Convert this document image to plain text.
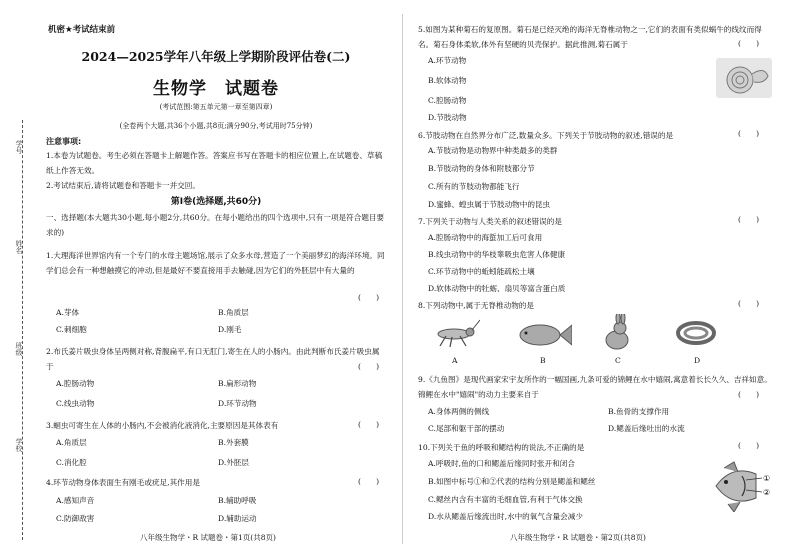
学号
姓名
班级
学校
机密★考试结束前
2024—2025学年八年级上学期阶段评估卷(二)
生物学　试题卷
(考试范围:第五单元第一章至第四章)
(全卷两个大题,共36个小题,共8页;满分90分,考试用时75分钟)
注意事项:
1.本卷为试题卷。考生必须在答题卡上解题作答。答案应书写在答题卡的相应位置上,在试题卷、草稿纸上作答无效。
2.考试结束后,请将试题卷和答题卡一并交回。
第Ⅰ卷(选择题,共60分)
一、选择题(本大题共30小题,每小题2分,共60分。在每小题给出的四个选项中,只有一项是符合题目要求的)
1.大理海洋世界馆内有一个专门的水母主题场馆,展示了众多水母,营造了一个美丽梦幻的海洋环境。同学们总会有一种想触摸它的冲动,但是最好不要直接用手去触碰,因为它们的外胚层中有大量的
(　　)
A.芽体	B.角质层
C.刺细胞	D.刚毛
2.布氏姜片吸虫身体呈两侧对称,背腹扁平,有口无肛门,寄生在人的小肠内。由此判断布氏姜片吸虫属于	(　　)
A.腔肠动物	B.扁形动物
C.线虫动物	D.环节动物
3.蛔虫可寄生在人体的小肠内,不会被消化液消化,主要原因是其体表有	(　　)
A.角质层	B.外套膜
C.消化腔	D.外胚层
4.环节动物身体表面生有刚毛或疣足,其作用是	(　　)
A.感知声音	B.辅助呼吸
C.防御敌害	D.辅助运动
八年级生物学・R 试题卷・第1页(共8页)
5.如图为某种菊石的复原图。菊石是已经灭绝的海洋无脊椎动物之一,它们的表面有类似蜗牛的线纹而得名。菊石身体柔软,体外有坚硬的贝壳保护。据此推测,菊石属于	(　　)
A.环节动物
B.软体动物
C.腔肠动物
D.节肢动物
6.节肢动物在自然界分布广泛,数量众多。下列关于节肢动物的叙述,错误的是	(　　)
A.节肢动物是动物界中种类最多的类群
B.节肢动物的身体和附肢都分节
C.所有的节肢动物都能飞行
D.蜜蜂、蝗虫属于节肢动物中的昆虫
7.下列关于动物与人类关系的叙述错误的是	(　　)
A.腔肠动物中的海蜇加工后可食用
B.线虫动物中的华枝睾吸虫危害人体健康
C.环节动物中的蚯蚓能疏松土壤
D.软体动物中的牡蛎、扇贝等富含蛋白质
8.下列动物中,属于无脊椎动物的是	(　　)
A	B	C	D
9.《九鱼图》是现代画家宋宇友所作的一幅国画,九条可爱的锦鲤在水中嬉闹,寓意着长长久久、吉祥如意。锦鲤在水中"嬉闹"的动力主要来自于	(　　)
A.身体两侧的侧线	B.鱼骨的支撑作用
C.尾部和躯干部的摆动	D.鳃盖后缘吐出的水流
10.下列关于鱼的呼吸和鳃结构的说法,不正确的是	(　　)
A.呼吸时,鱼的口和鳃盖后缘同时张开和闭合
B.如图中标号①和②代表的结构分别是鳃盖和鳃丝
C.鳃丝内含有丰富的毛细血管,有利于气体交换
D.水从鳃盖后缘流出时,水中的氧气含量会减少
①
②
八年级生物学・R 试题卷・第2页(共8页)
